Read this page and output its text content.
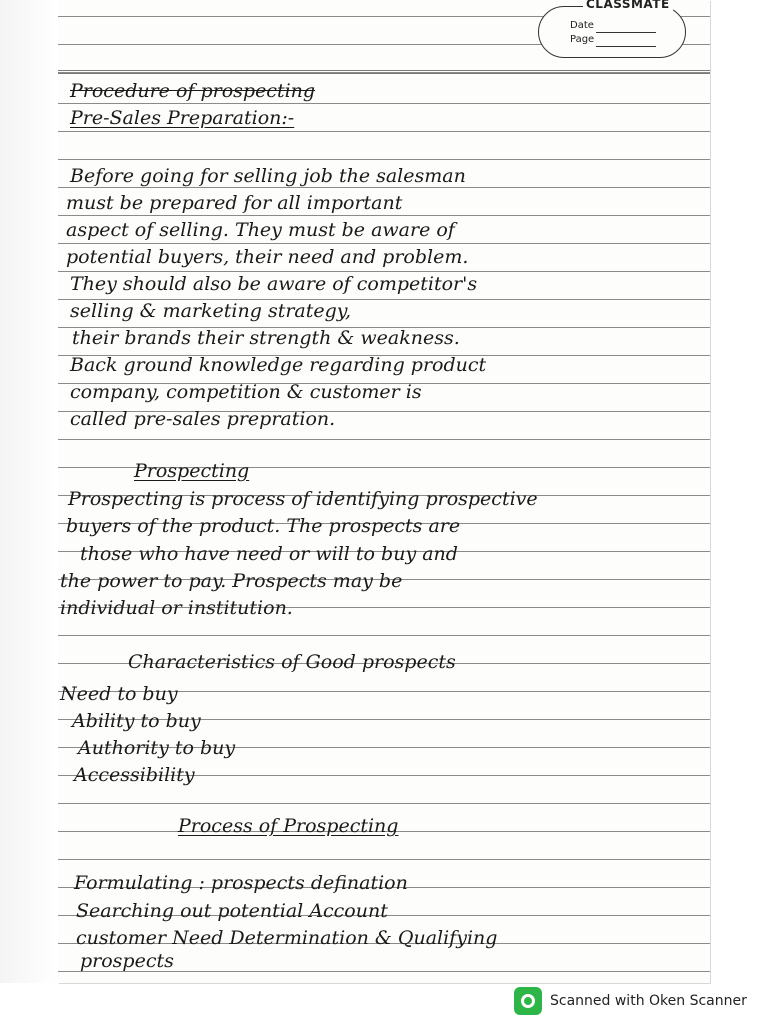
CLASSMATE
Date
Page
Procedure of prospecting
Pre-Sales Preparation:-
Before going for selling job the salesman
must be prepared for all important
aspect of selling. They must be aware of
potential buyers, their need and problem.
They should also be aware of competitor's
selling & marketing strategy,
their brands their strength & weakness.
Back ground knowledge regarding product
company, competition & customer is
called pre-sales prepration.
Prospecting
Prospecting is process of identifying prospective
buyers of the product. The prospects are
those who have need or will to buy and
the power to pay. Prospects may be
individual or institution.
Characteristics of Good prospects
Need to buy
Ability to buy
Authority to buy
Accessibility
Process of Prospecting
Formulating : prospects defination
Searching out potential Account
customer Need Determination & Qualifying
prospects
Scanned with Oken Scanner
